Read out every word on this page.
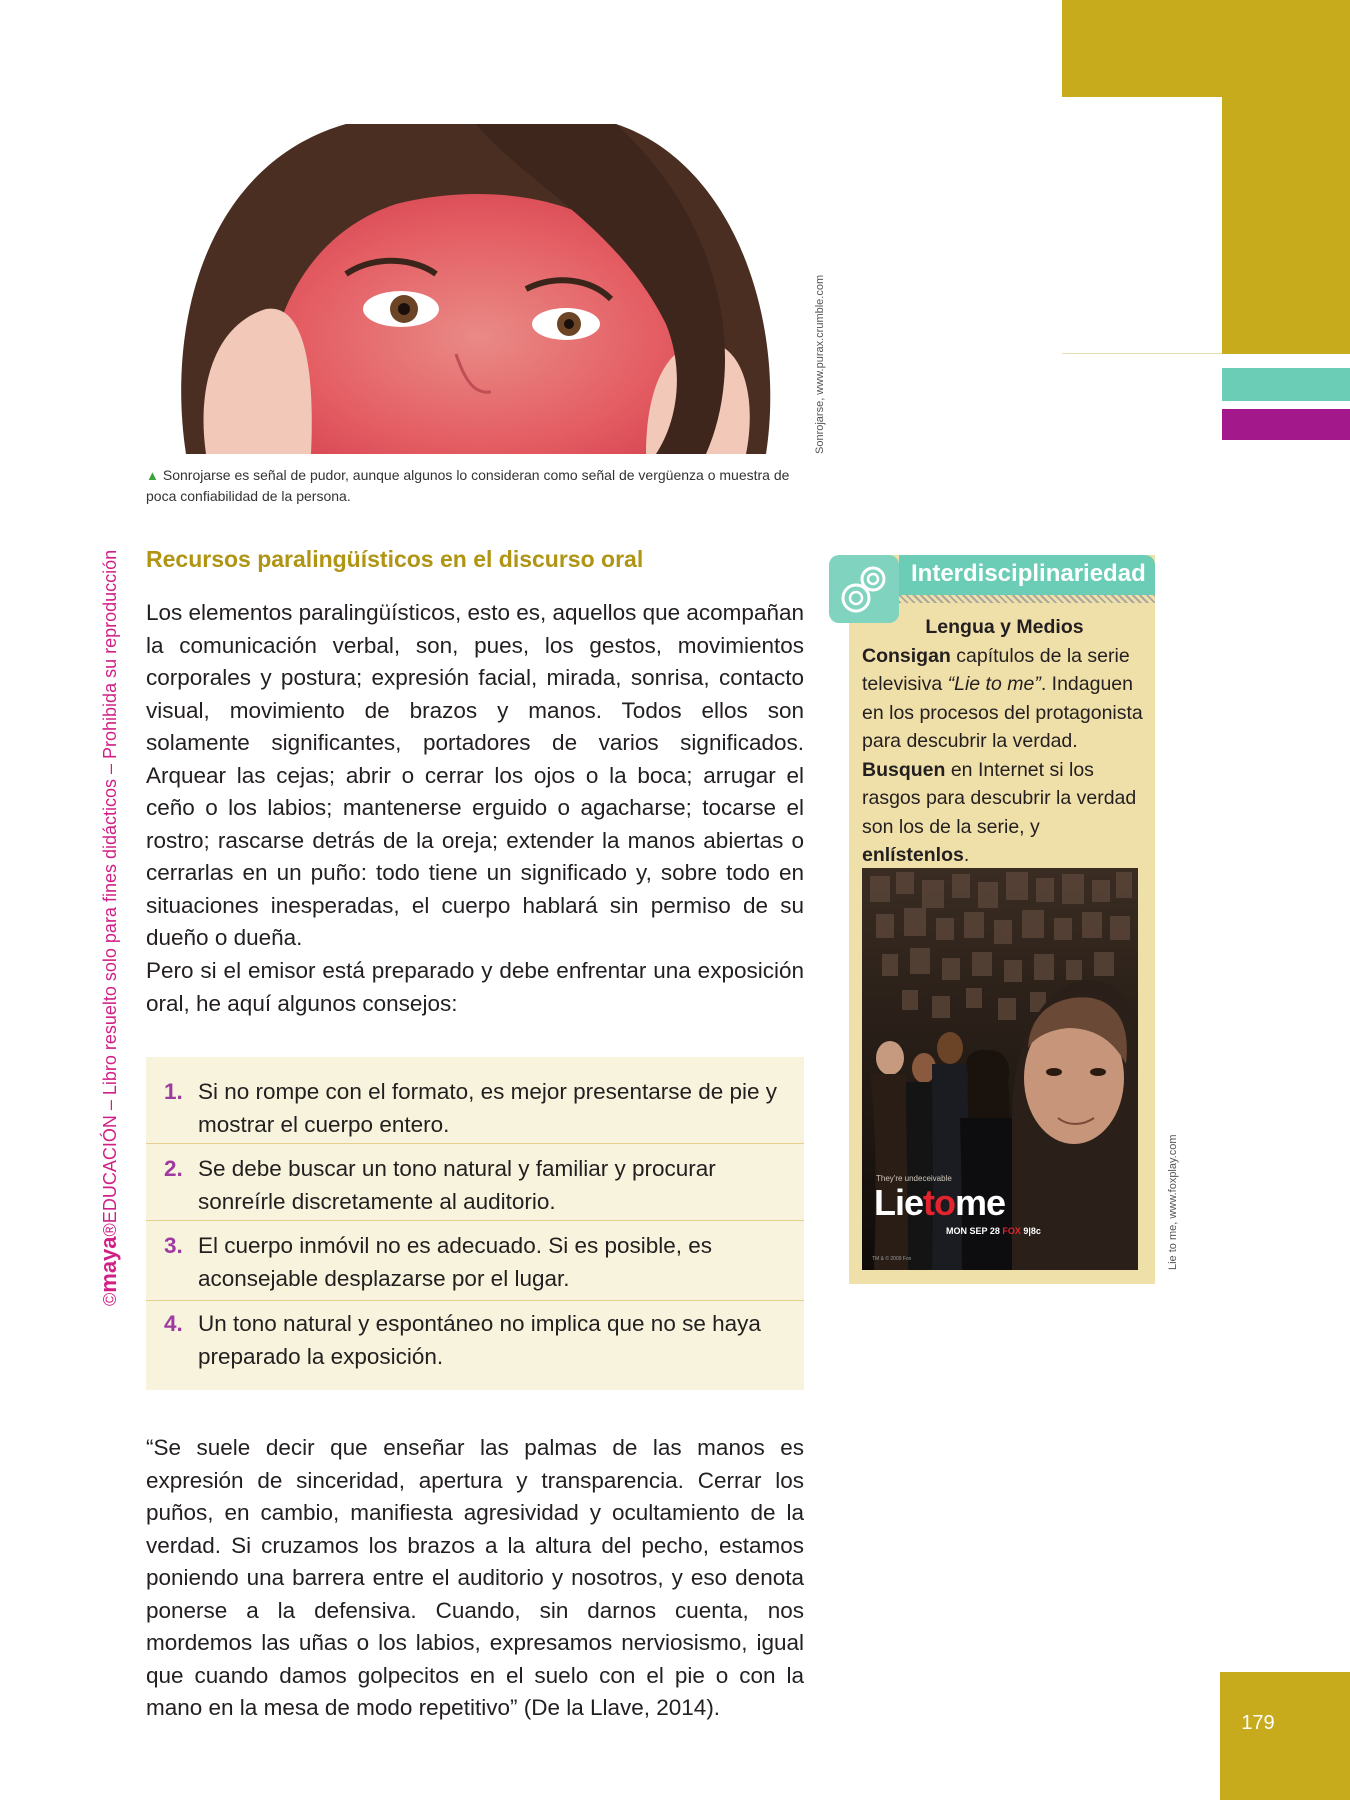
©maya®EDUCACIÓN – Libro resuelto solo para fines didácticos – Prohibida su reproducción
Sonrojarse, www.purax.crumble.com
▲ Sonrojarse es señal de pudor, aunque algunos lo consideran como señal de vergüenza o muestra de poca confiabilidad de la persona.
Recursos paralingüísticos en el discurso oral

Los elementos paralingüísticos, esto es, aquellos que acompañan la comunicación verbal, son, pues, los gestos, movimientos corporales y postura; expresión facial, mirada, sonrisa, contacto visual, movimiento de brazos y manos. Todos ellos son solamente significantes, portadores de varios significados. Arquear las cejas; abrir o cerrar los ojos o la boca; arrugar el ceño o los labios; mantenerse erguido o agacharse; tocarse el rostro; rascarse detrás de la oreja; extender la manos abiertas o cerrarlas en un puño: todo tiene un significado y, sobre todo en situaciones inesperadas, el cuerpo hablará sin permiso de su dueño o dueña.

Pero si el emisor está preparado y debe enfrentar una exposición oral, he aquí algunos consejos:

1. Si no rompe con el formato, es mejor presentarse de pie y mostrar el cuerpo entero.
2. Se debe buscar un tono natural y familiar y procurar sonreírle discretamente al auditorio.
3. El cuerpo inmóvil no es adecuado. Si es posible, es aconsejable desplazarse por el lugar.
4. Un tono natural y espontáneo no implica que no se haya preparado la exposición.

“Se suele decir que enseñar las palmas de las manos es expresión de sinceridad, apertura y transparencia. Cerrar los puños, en cambio, manifiesta agresividad y ocultamiento de la verdad. Si cruzamos los brazos a la altura del pecho, estamos poniendo una barrera entre el auditorio y nosotros, y eso denota ponerse a la defensiva. Cuando, sin darnos cuenta, nos mordemos las uñas o los labios, expresamos nerviosismo, igual que cuando damos golpecitos en el suelo con el pie o con la mano en la mesa de modo repetitivo” (De la Llave, 2014).

Interdisciplinariedad
Lengua y Medios
Consigan capítulos de la serie televisiva “Lie to me”. Indaguen en los procesos del protagonista para descubrir la verdad. Busquen en Internet si los rasgos para descubrir la verdad son los de la serie, y enlístenlos.
They're undeceivable
Lietome
MON SEP 28 FOX 9|8c
TM & © 2009 Fox	Lie to me, www.foxplay.com
179
